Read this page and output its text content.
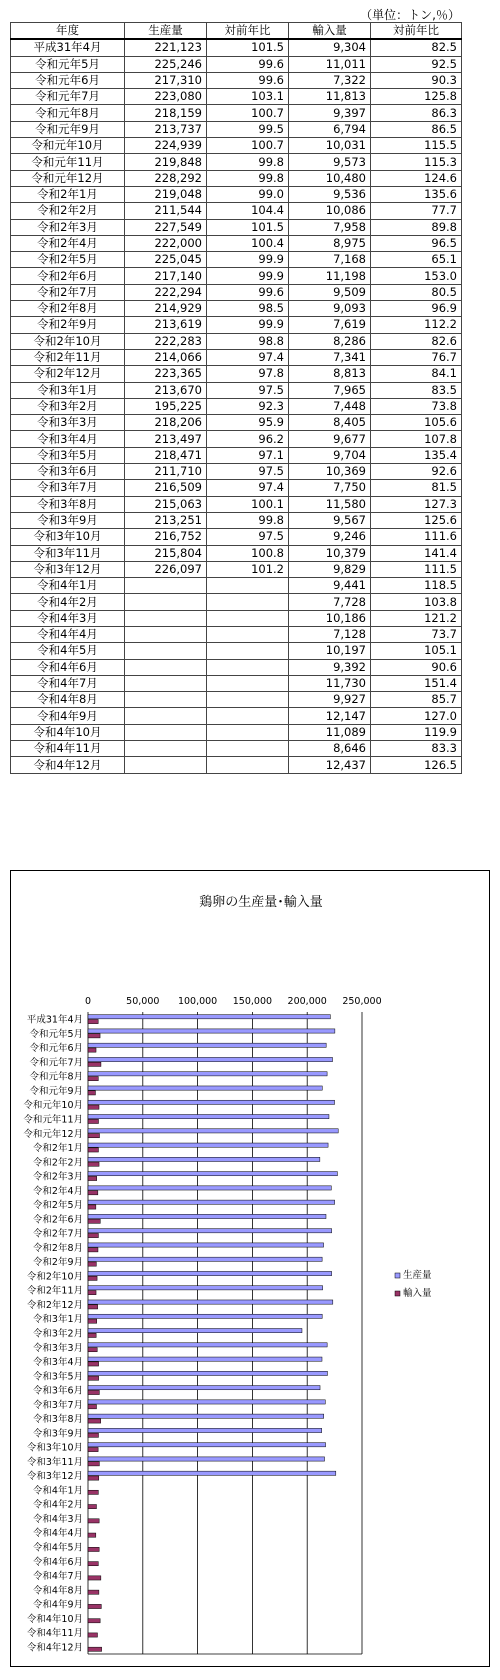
（単位：トン,％）
年度	生産量	対前年比	輸入量	対前年比
平成31年4月	221,123	101.5	9,304	82.5
令和元年5月	225,246	99.6	11,011	92.5
令和元年6月	217,310	99.6	7,322	90.3
令和元年7月	223,080	103.1	11,813	125.8
令和元年8月	218,159	100.7	9,397	86.3
令和元年9月	213,737	99.5	6,794	86.5
令和元年10月	224,939	100.7	10,031	115.5
令和元年11月	219,848	99.8	9,573	115.3
令和元年12月	228,292	99.8	10,480	124.6
令和2年1月	219,048	99.0	9,536	135.6
令和2年2月	211,544	104.4	10,086	77.7
令和2年3月	227,549	101.5	7,958	89.8
令和2年4月	222,000	100.4	8,975	96.5
令和2年5月	225,045	99.9	7,168	65.1
令和2年6月	217,140	99.9	11,198	153.0
令和2年7月	222,294	99.6	9,509	80.5
令和2年8月	214,929	98.5	9,093	96.9
令和2年9月	213,619	99.9	7,619	112.2
令和2年10月	222,283	98.8	8,286	82.6
令和2年11月	214,066	97.4	7,341	76.7
令和2年12月	223,365	97.8	8,813	84.1
令和3年1月	213,670	97.5	7,965	83.5
令和3年2月	195,225	92.3	7,448	73.8
令和3年3月	218,206	95.9	8,405	105.6
令和3年4月	213,497	96.2	9,677	107.8
令和3年5月	218,471	97.1	9,704	135.4
令和3年6月	211,710	97.5	10,369	92.6
令和3年7月	216,509	97.4	7,750	81.5
令和3年8月	215,063	100.1	11,580	127.3
令和3年9月	213,251	99.8	9,567	125.6
令和3年10月	216,752	97.5	9,246	111.6
令和3年11月	215,804	100.8	10,379	141.4
令和3年12月	226,097	101.2	9,829	111.5
令和4年1月			9,441	118.5
令和4年2月			7,728	103.8
令和4年3月			10,186	121.2
令和4年4月			7,128	73.7
令和4年5月			10,197	105.1
令和4年6月			9,392	90.6
令和4年7月			11,730	151.4
令和4年8月			9,927	85.7
令和4年9月			12,147	127.0
令和4年10月			11,089	119.9
令和4年11月			8,646	83.3
令和4年12月			12,437	126.5
鶏卵の生産量･輸入量
0	50,000 100,000 150,000 200,000 250,000
平成31年4月
令和元年5月
令和元年6月
令和元年7月
令和元年8月
令和元年9月
令和元年10月
令和元年11月
令和元年12月
令和2年1月
令和2年2月
令和2年3月
令和2年4月
令和2年5月
令和2年6月
令和2年7月
令和2年8月
令和2年9月
令和2年10月
令和2年11月
令和2年12月
令和3年1月
令和3年2月
令和3年3月
令和3年4月
令和3年5月
令和3年6月
令和3年7月
令和3年8月
令和3年9月
令和3年10月
令和3年11月
令和3年12月
令和4年1月
令和4年2月
令和4年3月
令和4年4月
令和4年5月
令和4年6月
令和4年7月
令和4年8月
令和4年9月
令和4年10月
令和4年11月
令和4年12月
生産量
輸入量
